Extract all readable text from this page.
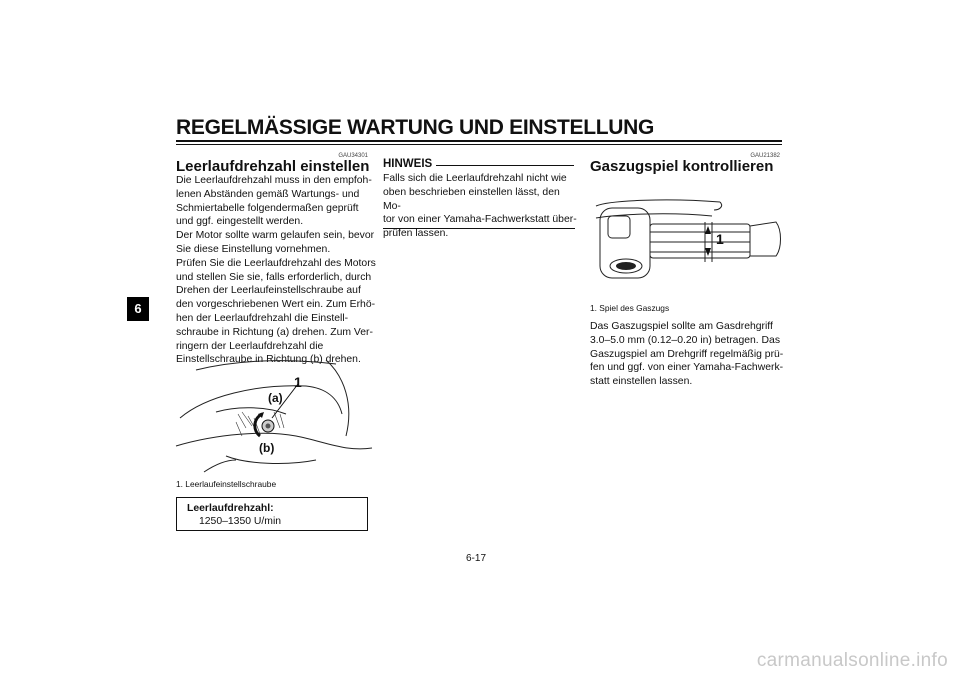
REGELMÄSSIGE WARTUNG UND EINSTELLUNG
6
GAU34301
Leerlaufdrehzahl einstellen
Die Leerlaufdrehzahl muss in den empfoh-
lenen Abständen gemäß Wartungs- und
Schmiertabelle folgendermaßen geprüft
und ggf. eingestellt werden.
Der Motor sollte warm gelaufen sein, bevor
Sie diese Einstellung vornehmen.
Prüfen Sie die Leerlaufdrehzahl des Motors
und stellen Sie sie, falls erforderlich, durch
Drehen der Leerlaufeinstellschraube auf
den vorgeschriebenen Wert ein. Zum Erhö-
hen der Leerlaufdrehzahl die Einstell-
schraube in Richtung (a) drehen. Zum Ver-
ringern der Leerlaufdrehzahl die
Einstellschraube in Richtung (b) drehen.
(a)
(b)
1
1. Leerlaufeinstellschraube
Leerlaufdrehzahl:
1250–1350 U/min
HINWEIS
Falls sich die Leerlaufdrehzahl nicht wie
oben beschrieben einstellen lässt, den Mo-
tor von einer Yamaha-Fachwerkstatt über-
prüfen lassen.
GAU21382
Gaszugspiel kontrollieren
1
1. Spiel des Gaszugs
Das Gaszugspiel sollte am Gasdrehgriff
3.0–5.0 mm (0.12–0.20 in) betragen. Das
Gaszugspiel am Drehgriff regelmäßig prü-
fen und ggf. von einer Yamaha-Fachwerk-
statt einstellen lassen.
6-17
carmanualsonline.info
